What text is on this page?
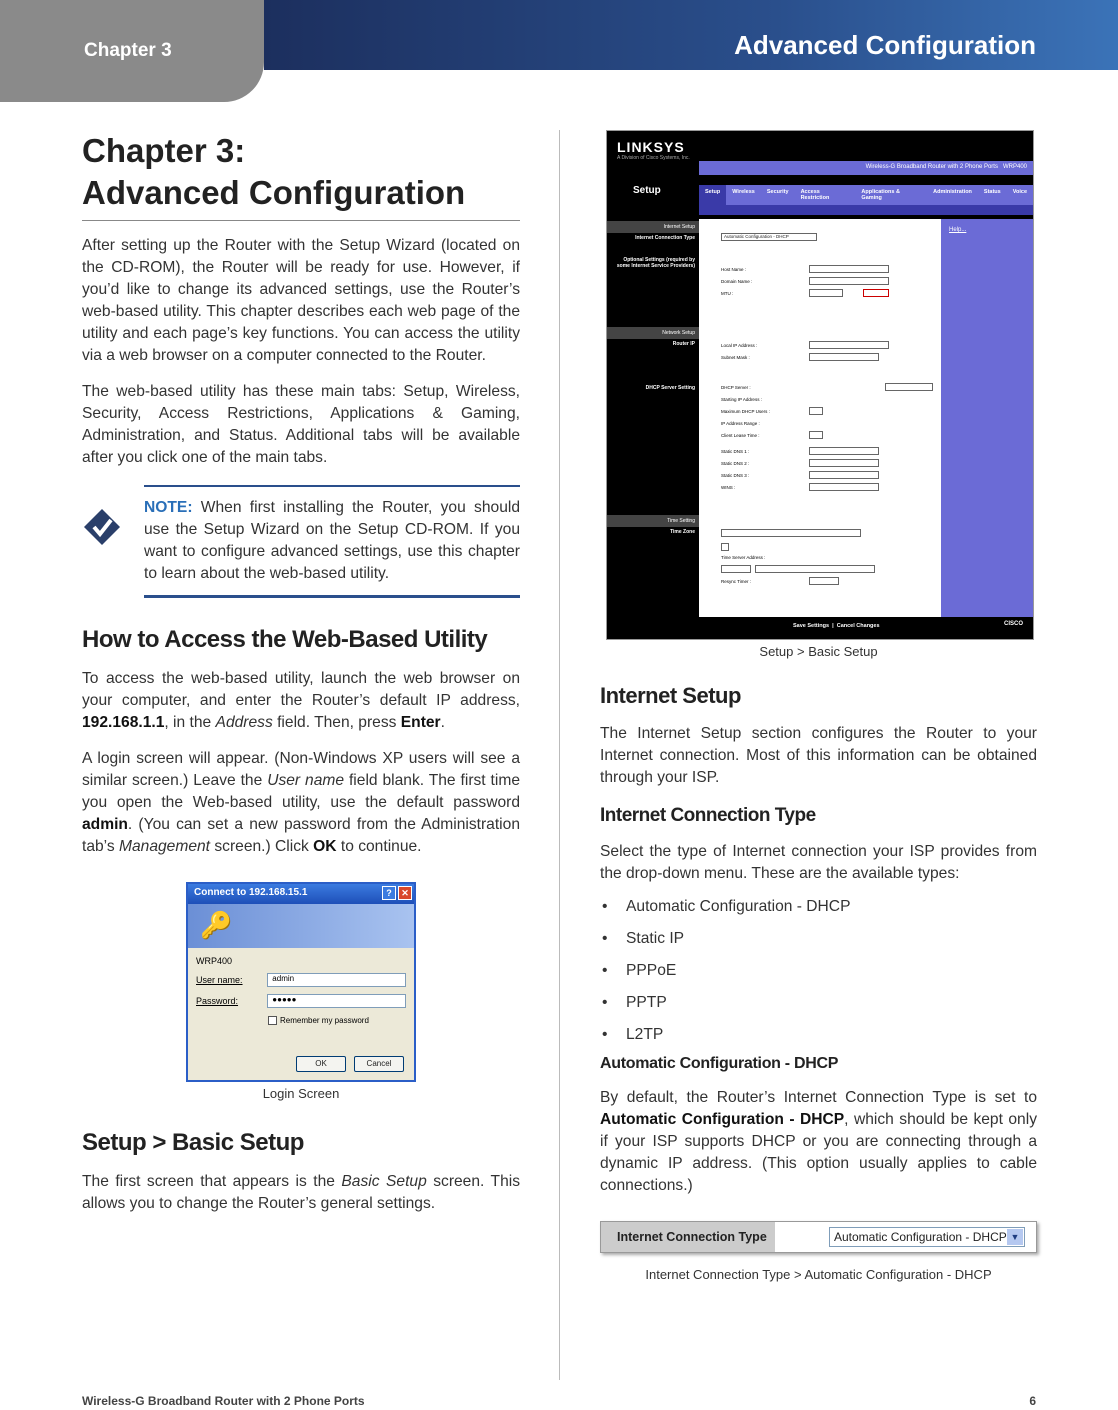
Chapter 3	Advanced Configuration
Chapter 3:
Advanced Configuration

After setting up the Router with the Setup Wizard (located on the CD-ROM), the Router will be ready for use. However, if you’d like to change its advanced settings, use the Router’s web-based utility. This chapter describes each web page of the utility and each page’s key functions. You can access the utility via a web browser on a computer connected to the Router.

The web-based utility has these main tabs: Setup, Wireless, Security, Access Restrictions, Applications & Gaming, Administration, and Status. Additional tabs will be available after you click one of the main tabs.

NOTE: When first installing the Router, you should use the Setup Wizard on the Setup CD-ROM. If you want to configure advanced settings, use this chapter to learn about the web-based utility.

How to Access the Web-Based Utility

To access the web-based utility, launch the web browser on your computer, and enter the Router’s default IP address, 192.168.1.1, in the Address field. Then, press Enter.

A login screen will appear. (Non-Windows XP users will see a similar screen.) Leave the User name field blank. The first time you open the Web-based utility, use the default password admin. (You can set a new password from the Administration tab’s Management screen.) Click OK to continue.

Connect to 192.168.15.1	?	✕
🔑
WRP400
User name:	admin
Password:	●●●●●
Remember my password
OK	Cancel
Login Screen
Setup > Basic Setup

The first screen that appears is the Basic Setup screen. This allows you to change the Router’s general settings.

LINKSYS
A Division of Cisco Systems, Inc.
Wireless-G Broadband Router with 2 Phone Ports WRP400
Setup	Setup	Wireless	Security	Access Restriction
Applications & Gaming
Administration	Status	Voice
Internet Setup
Internet Connection Type
Optional Settings (required by some Internet Service Providers)
Network Setup
Router IP
DHCP Server Setting
Time Setting
Time Zone
Automatic Configuration - DHCP
Host Name :
Domain Name :
MTU :
Local IP Address :
Subnet Mask :
DHCP Server :
Starting IP Address :
Maximum DHCP Users :
IP Address Range :
Client Lease Time :
Static DNS 1 :
Static DNS 2 :
Static DNS 3 :
WINS :
Time Server Address :
Resync Timer :
Help...
Save Settings  |  Cancel Changes	CISCO
Setup > Basic Setup
Internet Setup

The Internet Setup section configures the Router to your Internet connection. Most of this information can be obtained through your ISP.

Internet Connection Type

Select the type of Internet connection your ISP provides from the drop-down menu. These are the available types:

• Automatic Configuration - DHCP
• Static IP
• PPPoE
• PPTP
• L2TP
Automatic Configuration - DHCP

By default, the Router’s Internet Connection Type is set to Automatic Configuration - DHCP, which should be kept only if your ISP supports DHCP or you are connecting through a dynamic IP address. (This option usually applies to cable connections.)

Internet Connection Type	Automatic Configuration - DHCP ▼
Internet Connection Type > Automatic Configuration - DHCP
Wireless-G Broadband Router with 2 Phone Ports	6
